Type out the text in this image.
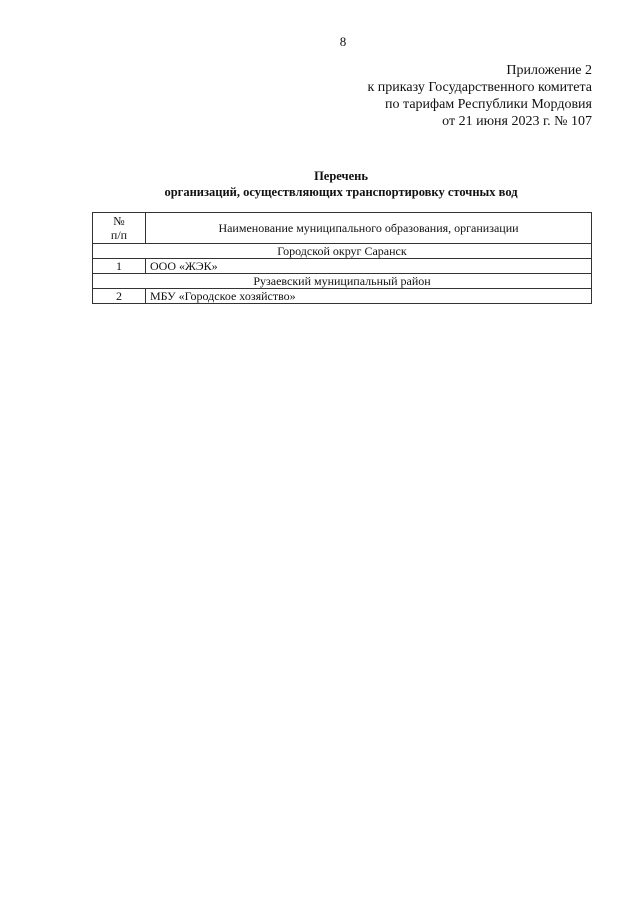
8
Приложение 2
к приказу Государственного комитета
по тарифам Республики Мордовия
от 21 июня 2023 г. № 107
Перечень
организаций, осуществляющих транспортировку сточных вод
№
п/п	Наименование муниципального образования, организации
Городской округ Саранск	
1	ООО «ЖЭК»
Рузаевский муниципальный район	
2	МБУ «Городское хозяйство»
